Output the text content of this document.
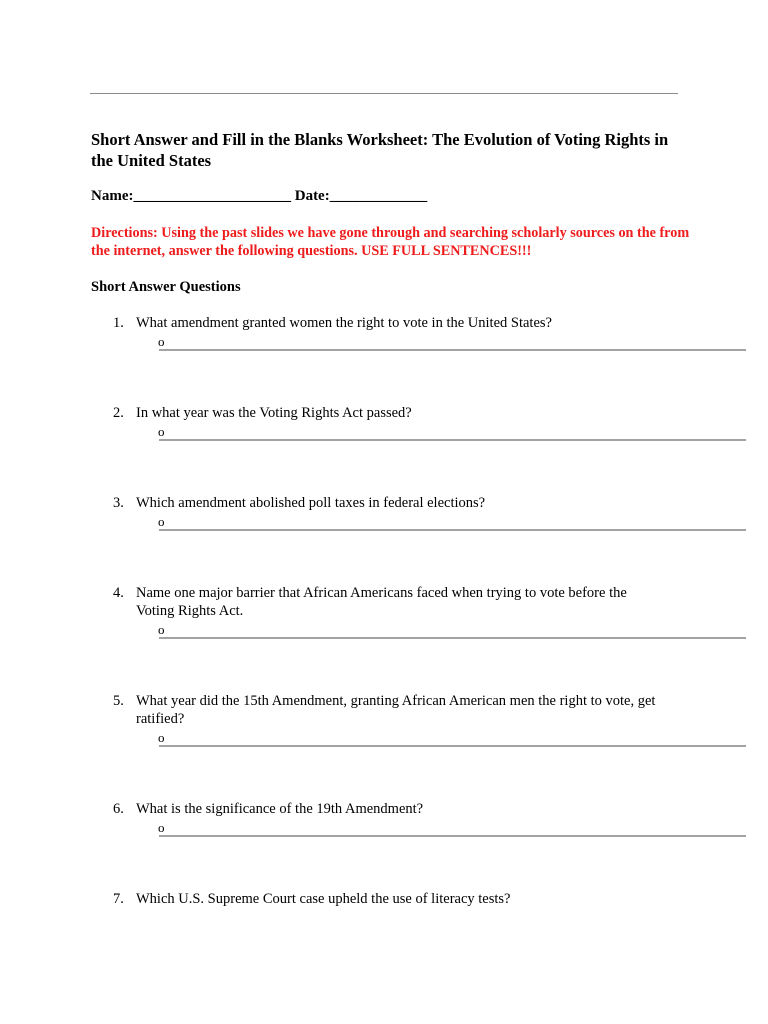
Short Answer and Fill in the Blanks Worksheet: The Evolution of Voting Rights in the United States
Name:_____________________ Date:_____________
Directions: Using the past slides we have gone through and searching scholarly sources on the from the internet, answer the following questions. USE FULL SENTENCES!!!
Short Answer Questions
1. What amendment granted women the right to vote in the United States?
o
2. In what year was the Voting Rights Act passed?
o
3. Which amendment abolished poll taxes in federal elections?
o
4. Name one major barrier that African Americans faced when trying to vote before the Voting Rights Act.
o
5. What year did the 15th Amendment, granting African American men the right to vote, get ratified?
o
6. What is the significance of the 19th Amendment?
o
7. Which U.S. Supreme Court case upheld the use of literacy tests?
